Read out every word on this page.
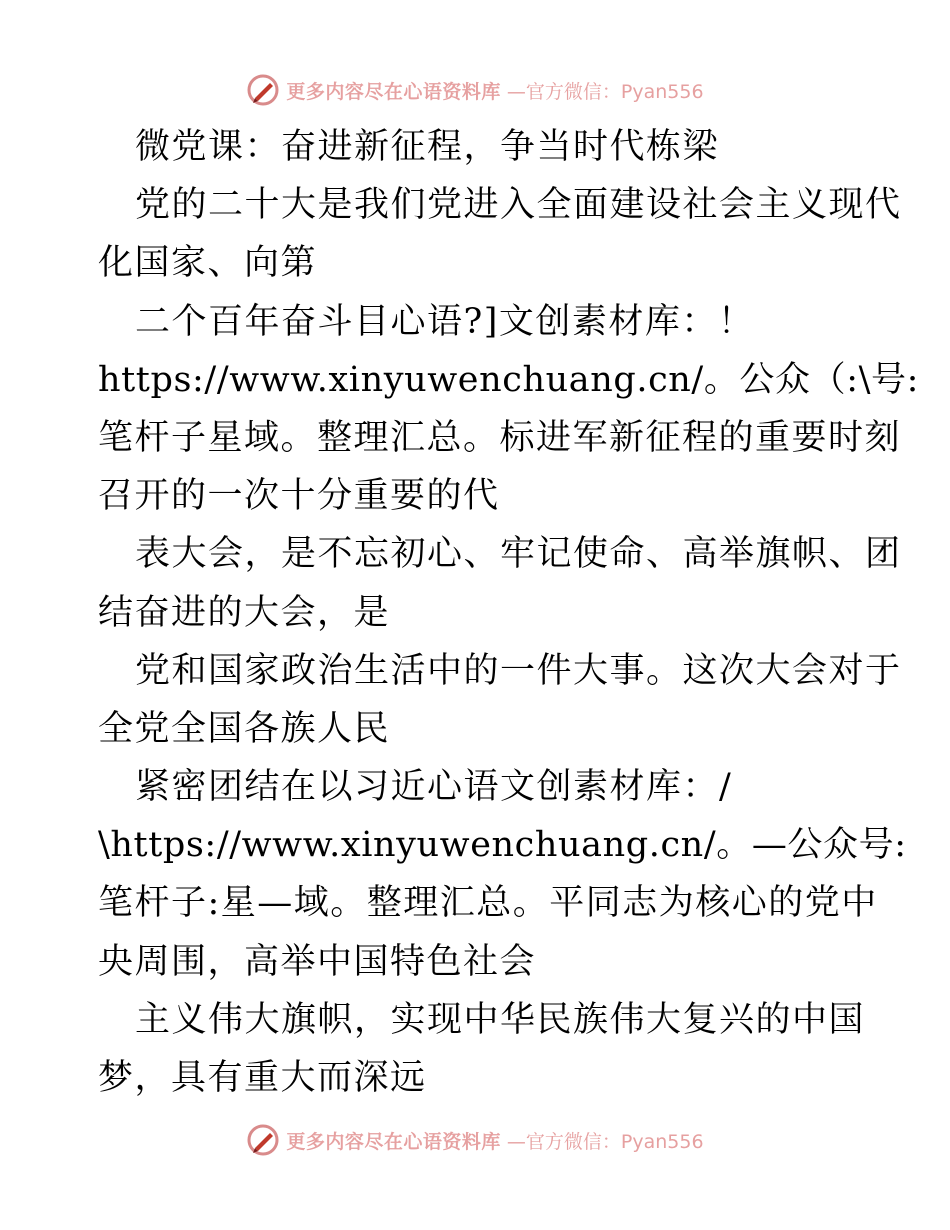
更多内容尽在心语资料库 —官方微信：Pyan556
微党课：奋进新征程，争当时代栋梁
党的二十大是我们党进入全面建设社会主义现代
化国家、向第
二个百年奋斗目心语?]文创素材库：！
https://www.xinyuwenchuang.cn/。公众（:\号:
笔杆子星域。整理汇总。标进军新征程的重要时刻
召开的一次十分重要的代
表大会，是不忘初心、牢记使命、高举旗帜、团
结奋进的大会，是
党和国家政治生活中的一件大事。这次大会对于
全党全国各族人民
紧密团结在以习近心语文创素材库：/
\https://www.xinyuwenchuang.cn/。—公众号:
笔杆子:星—域。整理汇总。平同志为核心的党中
央周围，高举中国特色社会
主义伟大旗帜，实现中华民族伟大复兴的中国
梦，具有重大而深远
更多内容尽在心语资料库 —官方微信：Pyan556
